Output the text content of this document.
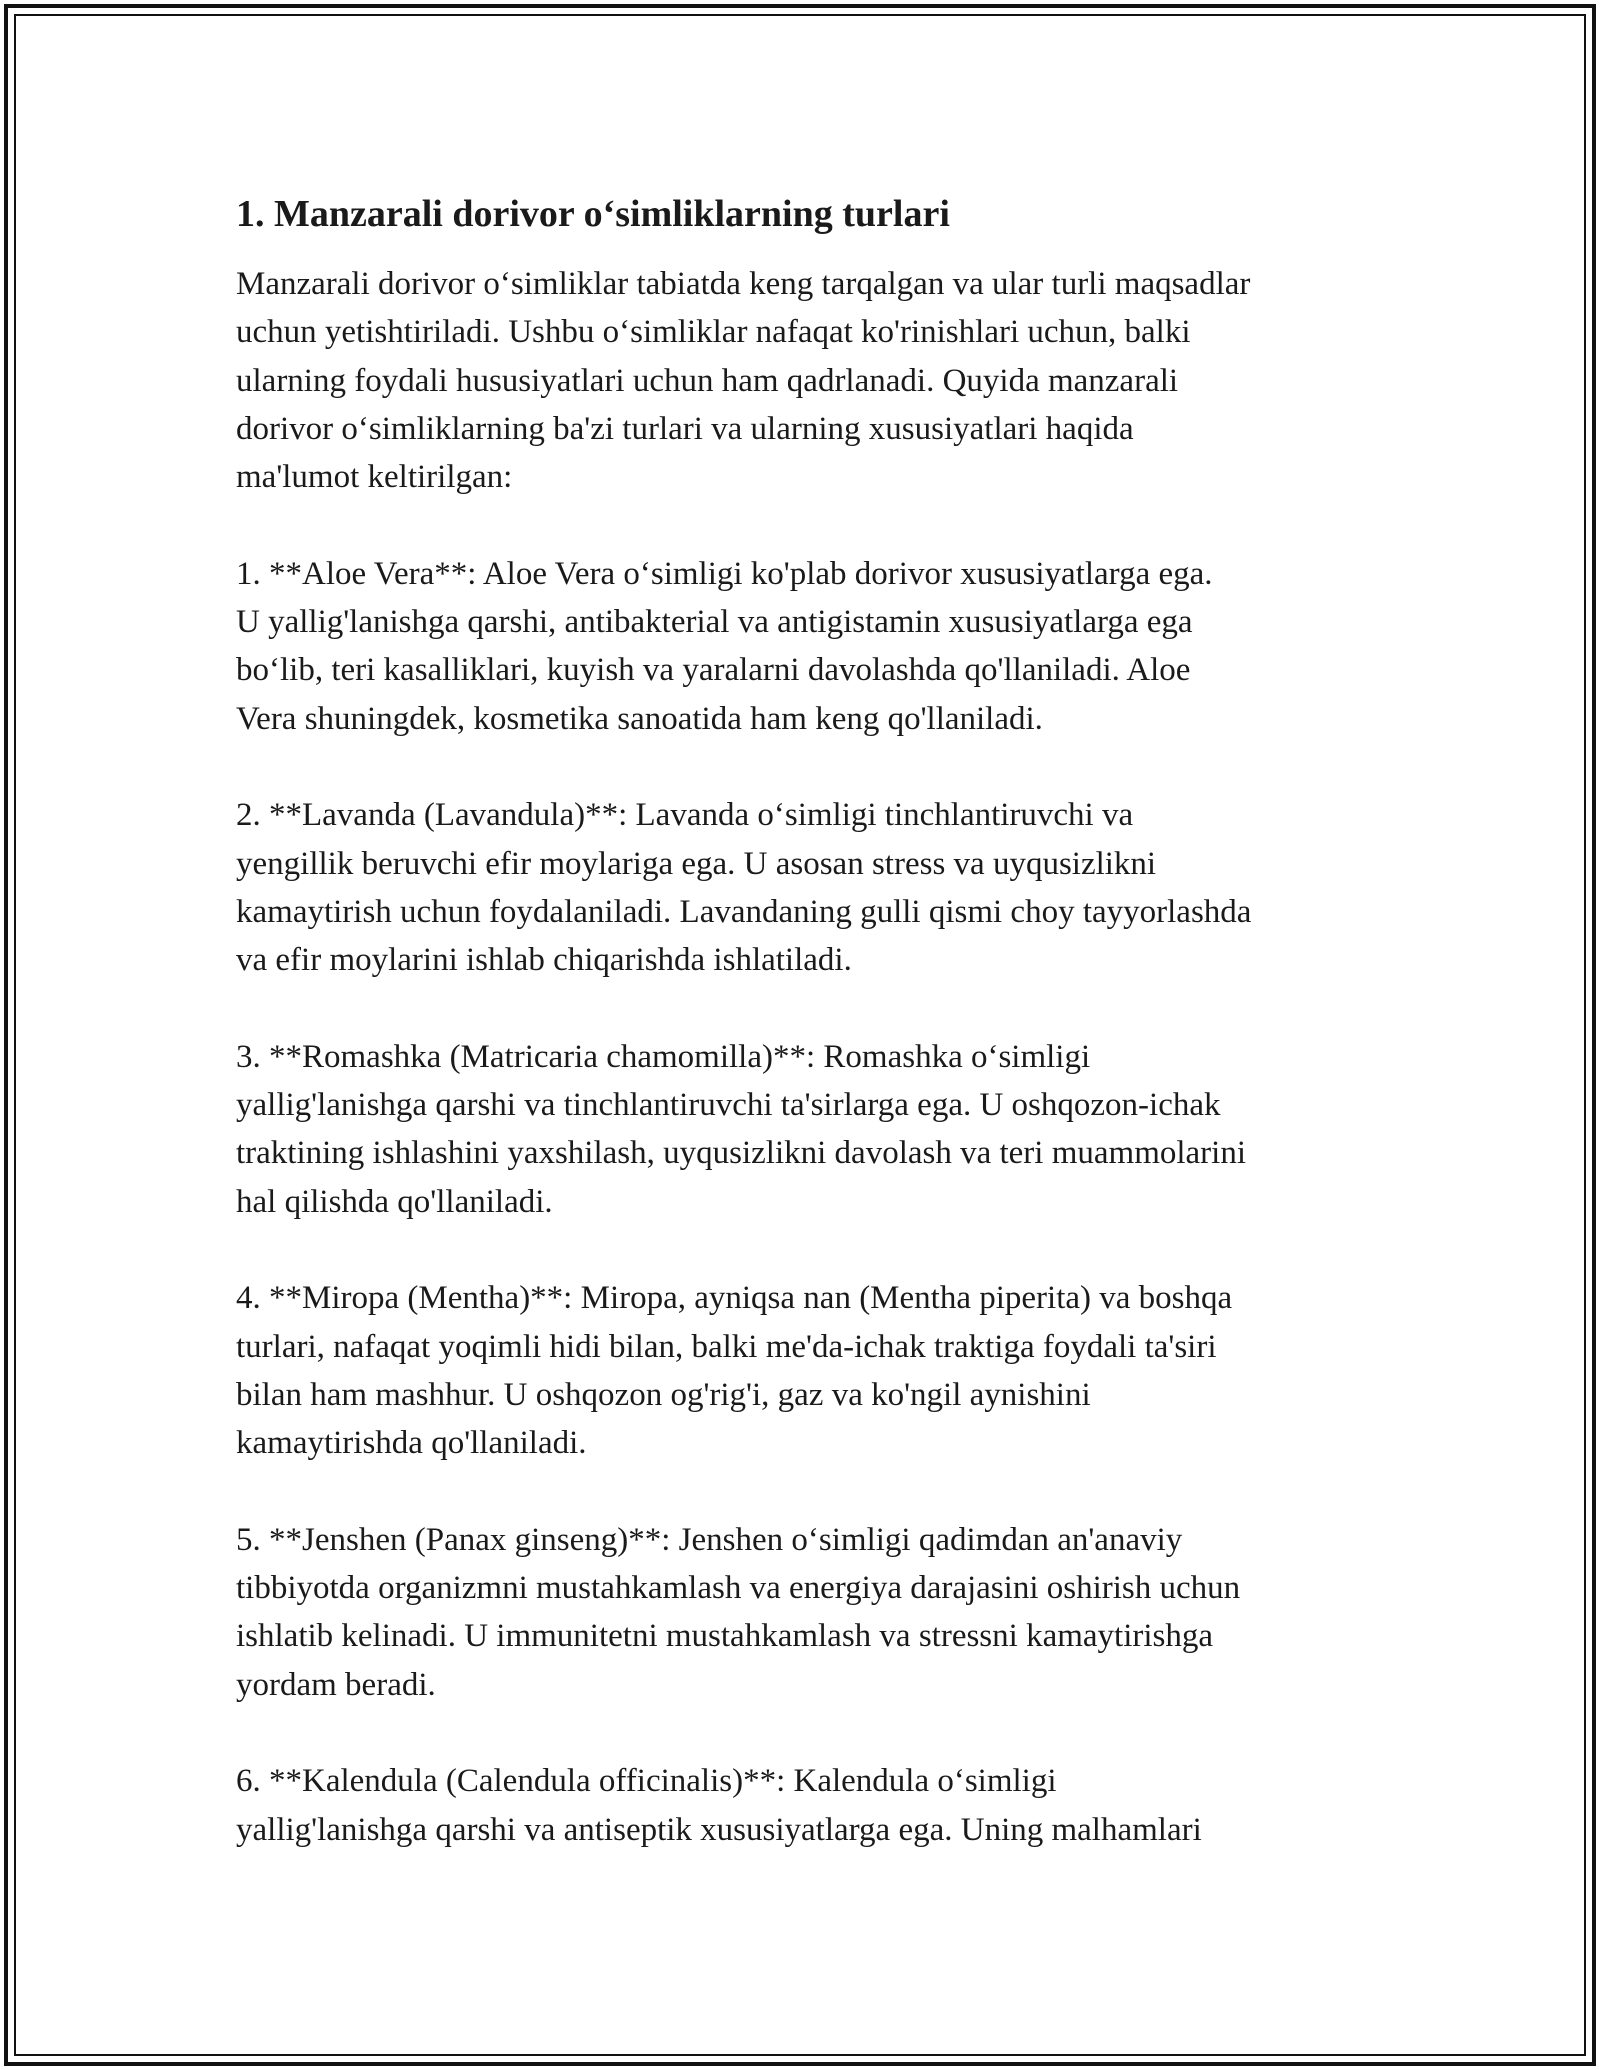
1. Manzarali dorivor o‘simliklarning turlari

Manzarali dorivor o‘simliklar tabiatda keng tarqalgan va ular turli maqsadlar
uchun yetishtiriladi. Ushbu o‘simliklar nafaqat ko'rinishlari uchun, balki
ularning foydali hususiyatlari uchun ham qadrlanadi. Quyida manzarali
dorivor o‘simliklarning ba'zi turlari va ularning xususiyatlari haqida
ma'lumot keltirilgan:

1. **Aloe Vera**: Aloe Vera o‘simligi ko'plab dorivor xususiyatlarga ega.
U yallig'lanishga qarshi, antibakterial va antigistamin xususiyatlarga ega
bo‘lib, teri kasalliklari, kuyish va yaralarni davolashda qo'llaniladi. Aloe
Vera shuningdek, kosmetika sanoatida ham keng qo'llaniladi.

2. **Lavanda (Lavandula)**: Lavanda o‘simligi tinchlantiruvchi va
yengillik beruvchi efir moylariga ega. U asosan stress va uyqusizlikni
kamaytirish uchun foydalaniladi. Lavandaning gulli qismi choy tayyorlashda
va efir moylarini ishlab chiqarishda ishlatiladi.

3. **Romashka (Matricaria chamomilla)**: Romashka o‘simligi
yallig'lanishga qarshi va tinchlantiruvchi ta'sirlarga ega. U oshqozon-ichak
traktining ishlashini yaxshilash, uyqusizlikni davolash va teri muammolarini
hal qilishda qo'llaniladi.

4. **Miropa (Mentha)**: Miropa, ayniqsa nan (Mentha piperita) va boshqa
turlari, nafaqat yoqimli hidi bilan, balki me'da-ichak traktiga foydali ta'siri
bilan ham mashhur. U oshqozon og'rig'i, gaz va ko'ngil aynishini
kamaytirishda qo'llaniladi.

5. **Jenshen (Panax ginseng)**: Jenshen o‘simligi qadimdan an'anaviy
tibbiyotda organizmni mustahkamlash va energiya darajasini oshirish uchun
ishlatib kelinadi. U immunitetni mustahkamlash va stressni kamaytirishga
yordam beradi.

6. **Kalendula (Calendula officinalis)**: Kalendula o‘simligi
yallig'lanishga qarshi va antiseptik xususiyatlarga ega. Uning malhamlari
